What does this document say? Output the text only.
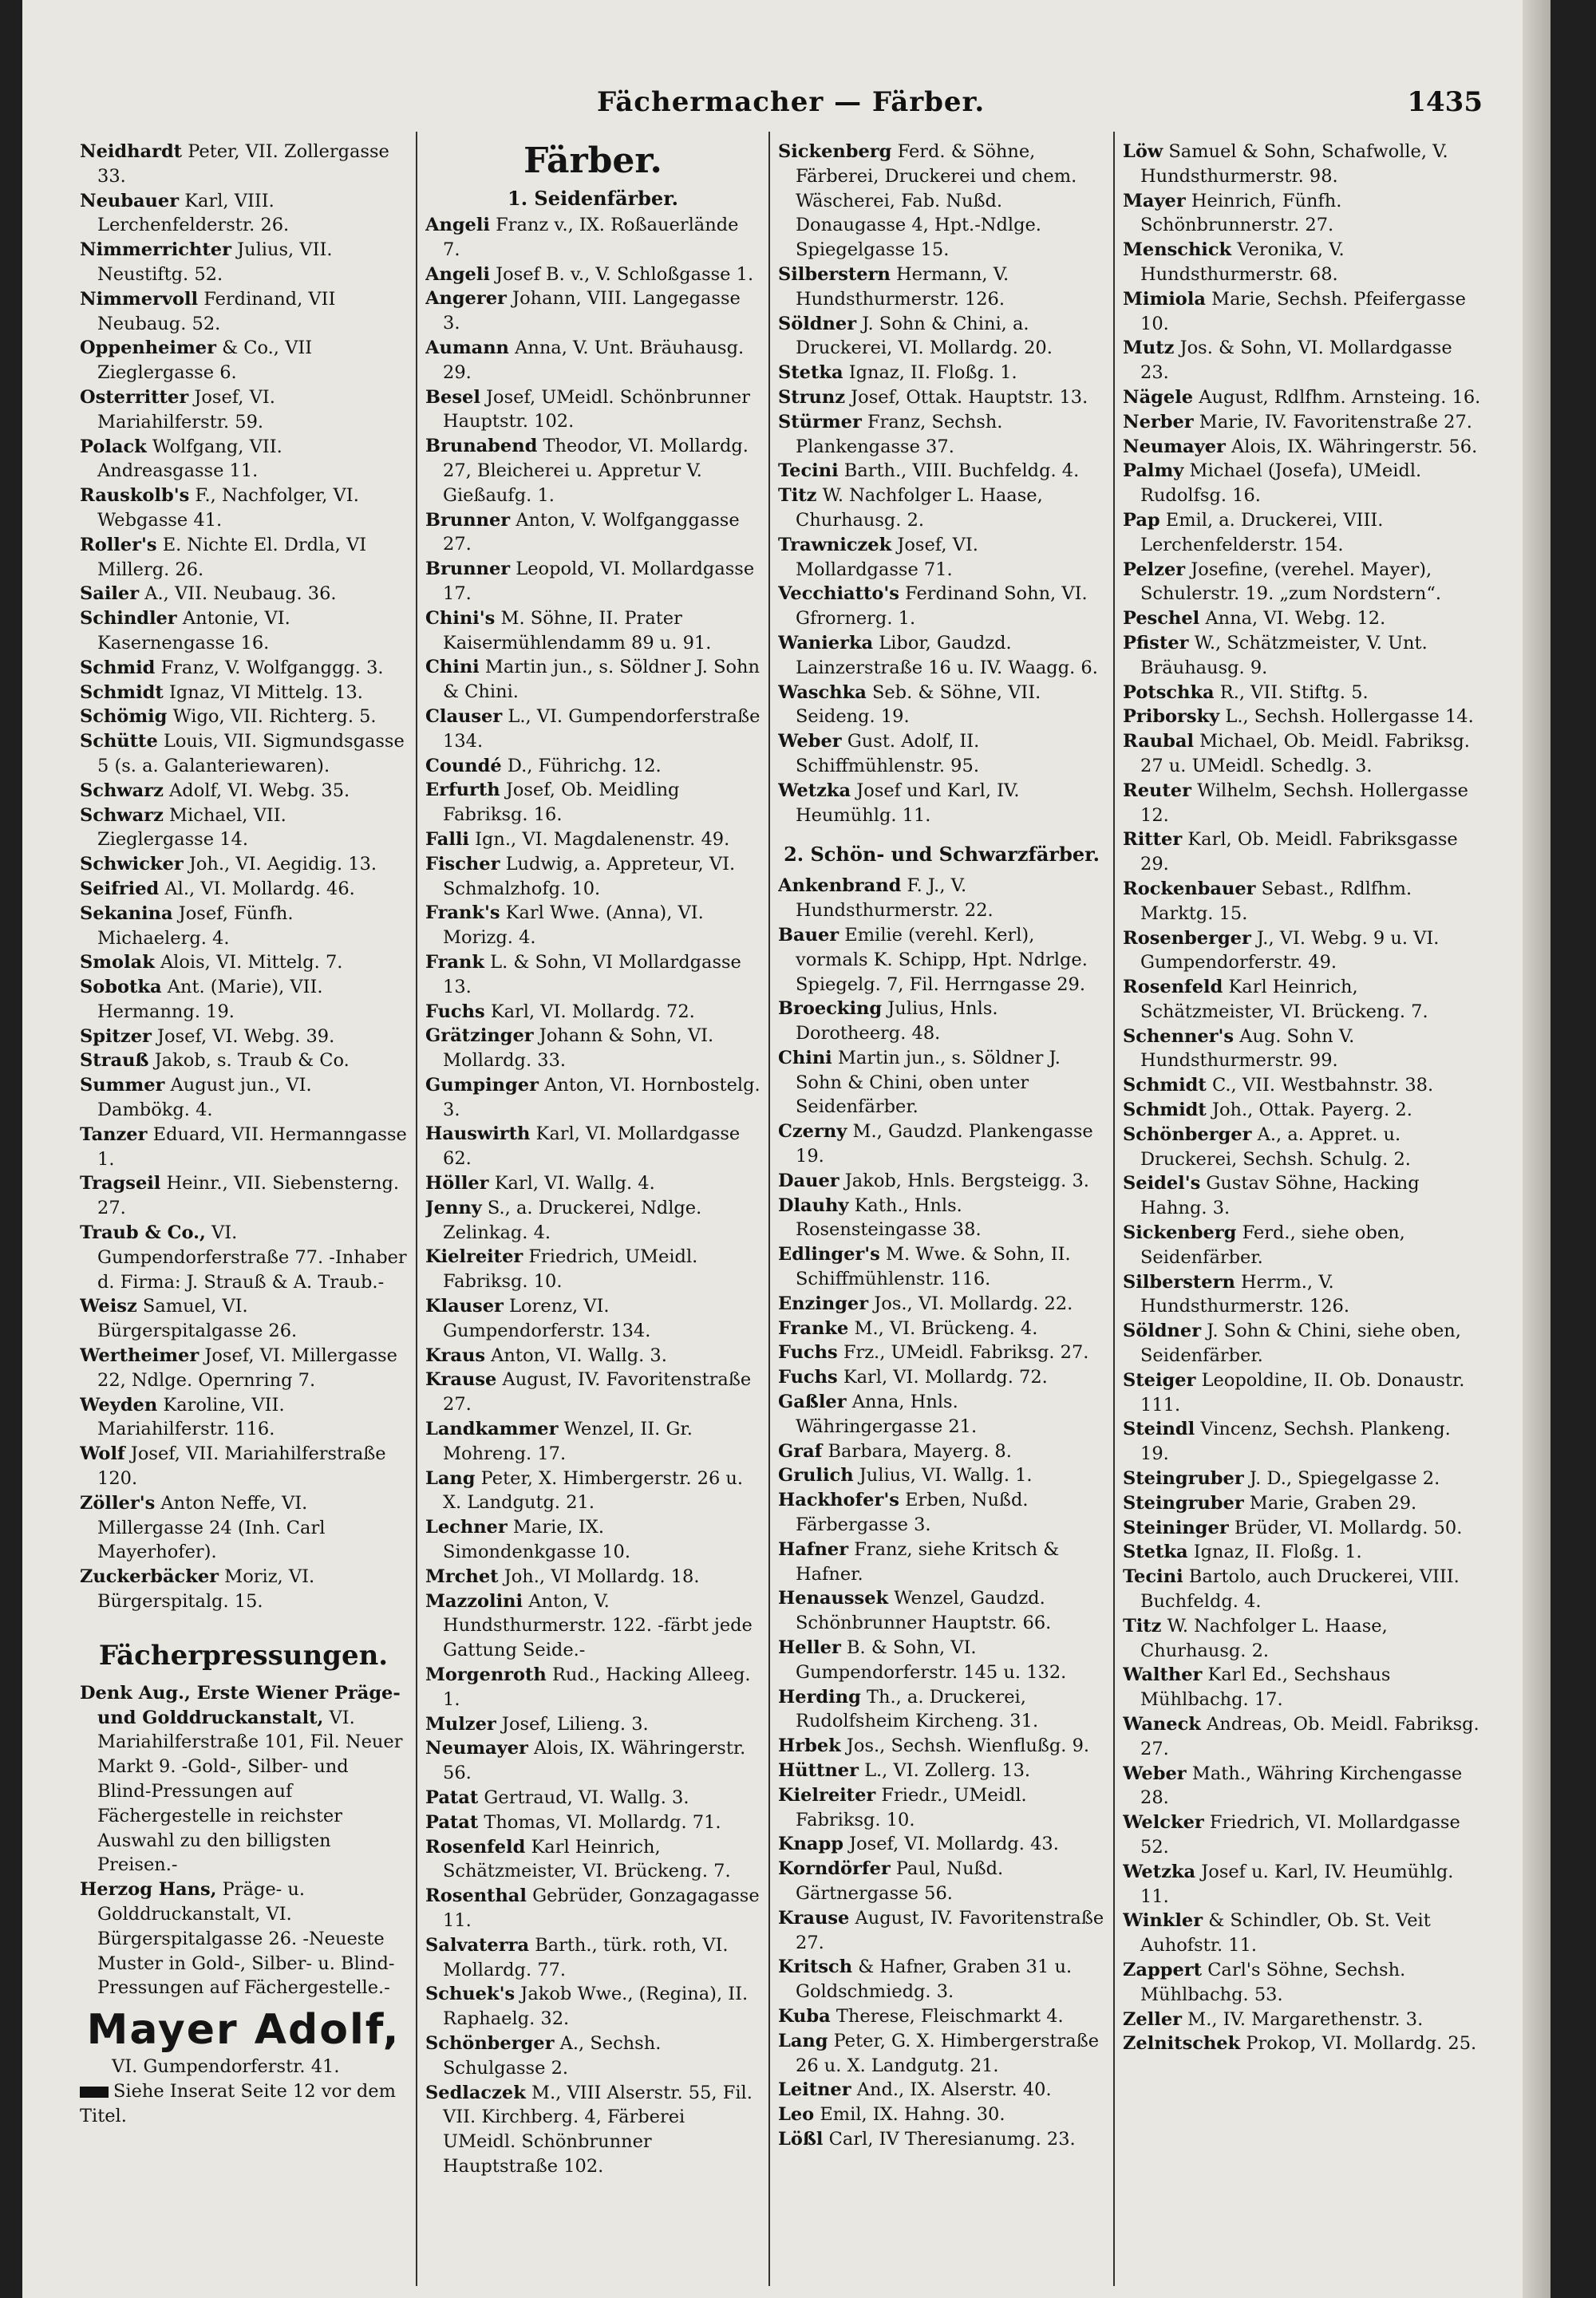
Fächermacher — Färber.	1435

Neidhardt Peter, VII. Zollergasse 33.

Neubauer Karl, VIII. Lerchenfelderstr. 26.

Nimmerrichter Julius, VII. Neustiftg. 52.

Nimmervoll Ferdinand, VII Neubaug. 52.

Oppenheimer & Co., VII Zieglergasse 6.

Osterritter Josef, VI. Mariahilferstr. 59.

Polack Wolfgang, VII. Andreasgasse 11.

Rauskolb's F., Nachfolger, VI. Webgasse 41.

Roller's E. Nichte El. Drdla, VI Millerg. 26.

Sailer A., VII. Neubaug. 36.

Schindler Antonie, VI. Kasernengasse 16.

Schmid Franz, V. Wolfganggg. 3.

Schmidt Ignaz, VI Mittelg. 13.

Schömig Wigo, VII. Richterg. 5.

Schütte Louis, VII. Sigmundsgasse 5 (s. a. Galanteriewaren).

Schwarz Adolf, VI. Webg. 35.

Schwarz Michael, VII. Zieglergasse 14.

Schwicker Joh., VI. Aegidig. 13.

Seifried Al., VI. Mollardg. 46.

Sekanina Josef, Fünfh. Michaelerg. 4.

Smolak Alois, VI. Mittelg. 7.

Sobotka Ant. (Marie), VII. Hermanng. 19.

Spitzer Josef, VI. Webg. 39.

Strauß Jakob, s. Traub & Co.

Summer August jun., VI. Dambökg. 4.

Tanzer Eduard, VII. Hermanngasse 1.

Tragseil Heinr., VII. Siebensterng. 27.

Traub & Co., VI. Gumpendorferstraße 77. -Inhaber d. Firma: J. Strauß & A. Traub.-

Weisz Samuel, VI. Bürgerspitalgasse 26.

Wertheimer Josef, VI. Millergasse 22, Ndlge. Opernring 7.

Weyden Karoline, VII. Mariahilferstr. 116.

Wolf Josef, VII. Mariahilferstraße 120.

Zöller's Anton Neffe, VI. Millergasse 24 (Inh. Carl Mayerhofer).

Zuckerbäcker Moriz, VI. Bürgerspitalg. 15.

Fächerpressungen.

Denk Aug., Erste Wiener Präge- und Golddruckanstalt, VI. Mariahilferstraße 101, Fil. Neuer Markt 9. -Gold-, Silber- und Blind-Pressungen auf Fächergestelle in reichster Auswahl zu den billigsten Preisen.-

Herzog Hans, Präge- u. Golddruckanstalt, VI. Bürgerspitalgasse 26. -Neueste Muster in Gold-, Silber- u. Blind-Pressungen auf Fächergestelle.-

Mayer Adolf,

VI. Gumpendorferstr. 41.

Siehe Inserat Seite 12 vor dem Titel.

Färber.
1. Seidenfärber.

Angeli Franz v., IX. Roßauerlände 7.

Angeli Josef B. v., V. Schloßgasse 1.

Angerer Johann, VIII. Langegasse 3.

Aumann Anna, V. Unt. Bräuhausg. 29.

Besel Josef, UMeidl. Schönbrunner Hauptstr. 102.

Brunabend Theodor, VI. Mollardg. 27, Bleicherei u. Appretur V. Gießaufg. 1.

Brunner Anton, V. Wolfganggasse 27.

Brunner Leopold, VI. Mollardgasse 17.

Chini's M. Söhne, II. Prater Kaisermühlendamm 89 u. 91.

Chini Martin jun., s. Söldner J. Sohn & Chini.

Clauser L., VI. Gumpendorferstraße 134.

Coundé D., Führichg. 12.

Erfurth Josef, Ob. Meidling Fabriksg. 16.

Falli Ign., VI. Magdalenenstr. 49.

Fischer Ludwig, a. Appreteur, VI. Schmalzhofg. 10.

Frank's Karl Wwe. (Anna), VI. Morizg. 4.

Frank L. & Sohn, VI Mollardgasse 13.

Fuchs Karl, VI. Mollardg. 72.

Grätzinger Johann & Sohn, VI. Mollardg. 33.

Gumpinger Anton, VI. Hornbostelg. 3.

Hauswirth Karl, VI. Mollardgasse 62.

Höller Karl, VI. Wallg. 4.

Jenny S., a. Druckerei, Ndlge. Zelinkag. 4.

Kielreiter Friedrich, UMeidl. Fabriksg. 10.

Klauser Lorenz, VI. Gumpendorferstr. 134.

Kraus Anton, VI. Wallg. 3.

Krause August, IV. Favoritenstraße 27.

Landkammer Wenzel, II. Gr. Mohreng. 17.

Lang Peter, X. Himbergerstr. 26 u. X. Landgutg. 21.

Lechner Marie, IX. Simondenkgasse 10.

Mrchet Joh., VI Mollardg. 18.

Mazzolini Anton, V. Hundsthurmerstr. 122. -färbt jede Gattung Seide.-

Morgenroth Rud., Hacking Alleeg. 1.

Mulzer Josef, Lilieng. 3.

Neumayer Alois, IX. Währingerstr. 56.

Patat Gertraud, VI. Wallg. 3.

Patat Thomas, VI. Mollardg. 71.

Rosenfeld Karl Heinrich, Schätzmeister, VI. Brückeng. 7.

Rosenthal Gebrüder, Gonzagagasse 11.

Salvaterra Barth., türk. roth, VI. Mollardg. 77.

Schuek's Jakob Wwe., (Regina), II. Raphaelg. 32.

Schönberger A., Sechsh. Schulgasse 2.

Sedlaczek M., VIII Alserstr. 55, Fil. VII. Kirchberg. 4, Färberei UMeidl. Schönbrunner Hauptstraße 102.

Sickenberg Ferd. & Söhne, Färberei, Druckerei und chem. Wäscherei, Fab. Nußd. Donaugasse 4, Hpt.-Ndlge. Spiegelgasse 15.

Silberstern Hermann, V. Hundsthurmerstr. 126.

Söldner J. Sohn & Chini, a. Druckerei, VI. Mollardg. 20.

Stetka Ignaz, II. Floßg. 1.

Strunz Josef, Ottak. Hauptstr. 13.

Stürmer Franz, Sechsh. Plankengasse 37.

Tecini Barth., VIII. Buchfeldg. 4.

Titz W. Nachfolger L. Haase, Churhausg. 2.

Trawniczek Josef, VI. Mollardgasse 71.

Vecchiatto's Ferdinand Sohn, VI. Gfrornerg. 1.

Wanierka Libor, Gaudzd. Lainzerstraße 16 u. IV. Waagg. 6.

Waschka Seb. & Söhne, VII. Seideng. 19.

Weber Gust. Adolf, II. Schiffmühlenstr. 95.

Wetzka Josef und Karl, IV. Heumühlg. 11.

2. Schön- und Schwarzfärber.

Ankenbrand F. J., V. Hundsthurmerstr. 22.

Bauer Emilie (verehl. Kerl), vormals K. Schipp, Hpt. Ndrlge. Spiegelg. 7, Fil. Herrngasse 29.

Broecking Julius, Hnls. Dorotheerg. 48.

Chini Martin jun., s. Söldner J. Sohn & Chini, oben unter Seidenfärber.

Czerny M., Gaudzd. Plankengasse 19.

Dauer Jakob, Hnls. Bergsteigg. 3.

Dlauhy Kath., Hnls. Rosensteingasse 38.

Edlinger's M. Wwe. & Sohn, II. Schiffmühlenstr. 116.

Enzinger Jos., VI. Mollardg. 22.

Franke M., VI. Brückeng. 4.

Fuchs Frz., UMeidl. Fabriksg. 27.

Fuchs Karl, VI. Mollardg. 72.

Gaßler Anna, Hnls. Währingergasse 21.

Graf Barbara, Mayerg. 8.

Grulich Julius, VI. Wallg. 1.

Hackhofer's Erben, Nußd. Färbergasse 3.

Hafner Franz, siehe Kritsch & Hafner.

Henaussek Wenzel, Gaudzd. Schönbrunner Hauptstr. 66.

Heller B. & Sohn, VI. Gumpendorferstr. 145 u. 132.

Herding Th., a. Druckerei, Rudolfsheim Kircheng. 31.

Hrbek Jos., Sechsh. Wienflußg. 9.

Hüttner L., VI. Zollerg. 13.

Kielreiter Friedr., UMeidl. Fabriksg. 10.

Knapp Josef, VI. Mollardg. 43.

Korndörfer Paul, Nußd. Gärtnergasse 56.

Krause August, IV. Favoritenstraße 27.

Kritsch & Hafner, Graben 31 u. Goldschmiedg. 3.

Kuba Therese, Fleischmarkt 4.

Lang Peter, G. X. Himbergerstraße 26 u. X. Landgutg. 21.

Leitner And., IX. Alserstr. 40.

Leo Emil, IX. Hahng. 30.

Lößl Carl, IV Theresianumg. 23.

Löw Samuel & Sohn, Schafwolle, V. Hundsthurmerstr. 98.

Mayer Heinrich, Fünfh. Schönbrunnerstr. 27.

Menschick Veronika, V. Hundsthurmerstr. 68.

Mimiola Marie, Sechsh. Pfeifergasse 10.

Mutz Jos. & Sohn, VI. Mollardgasse 23.

Nägele August, Rdlfhm. Arnsteing. 16.

Nerber Marie, IV. Favoritenstraße 27.

Neumayer Alois, IX. Währingerstr. 56.

Palmy Michael (Josefa), UMeidl. Rudolfsg. 16.

Pap Emil, a. Druckerei, VIII. Lerchenfelderstr. 154.

Pelzer Josefine, (verehel. Mayer), Schulerstr. 19. „zum Nordstern“.

Peschel Anna, VI. Webg. 12.

Pfister W., Schätzmeister, V. Unt. Bräuhausg. 9.

Potschka R., VII. Stiftg. 5.

Priborsky L., Sechsh. Hollergasse 14.

Raubal Michael, Ob. Meidl. Fabriksg. 27 u. UMeidl. Schedlg. 3.

Reuter Wilhelm, Sechsh. Hollergasse 12.

Ritter Karl, Ob. Meidl. Fabriksgasse 29.

Rockenbauer Sebast., Rdlfhm. Marktg. 15.

Rosenberger J., VI. Webg. 9 u. VI. Gumpendorferstr. 49.

Rosenfeld Karl Heinrich, Schätzmeister, VI. Brückeng. 7.

Schenner's Aug. Sohn V. Hundsthurmerstr. 99.

Schmidt C., VII. Westbahnstr. 38.

Schmidt Joh., Ottak. Payerg. 2.

Schönberger A., a. Appret. u. Druckerei, Sechsh. Schulg. 2.

Seidel's Gustav Söhne, Hacking Hahng. 3.

Sickenberg Ferd., siehe oben, Seidenfärber.

Silberstern Herrm., V. Hundsthurmerstr. 126.

Söldner J. Sohn & Chini, siehe oben, Seidenfärber.

Steiger Leopoldine, II. Ob. Donaustr. 111.

Steindl Vincenz, Sechsh. Plankeng. 19.

Steingruber J. D., Spiegelgasse 2.

Steingruber Marie, Graben 29.

Steininger Brüder, VI. Mollardg. 50.

Stetka Ignaz, II. Floßg. 1.

Tecini Bartolo, auch Druckerei, VIII. Buchfeldg. 4.

Titz W. Nachfolger L. Haase, Churhausg. 2.

Walther Karl Ed., Sechshaus Mühlbachg. 17.

Waneck Andreas, Ob. Meidl. Fabriksg. 27.

Weber Math., Währing Kirchengasse 28.

Welcker Friedrich, VI. Mollardgasse 52.

Wetzka Josef u. Karl, IV. Heumühlg. 11.

Winkler & Schindler, Ob. St. Veit Auhofstr. 11.

Zappert Carl's Söhne, Sechsh. Mühlbachg. 53.

Zeller M., IV. Margarethenstr. 3.

Zelnitschek Prokop, VI. Mollardg. 25.
